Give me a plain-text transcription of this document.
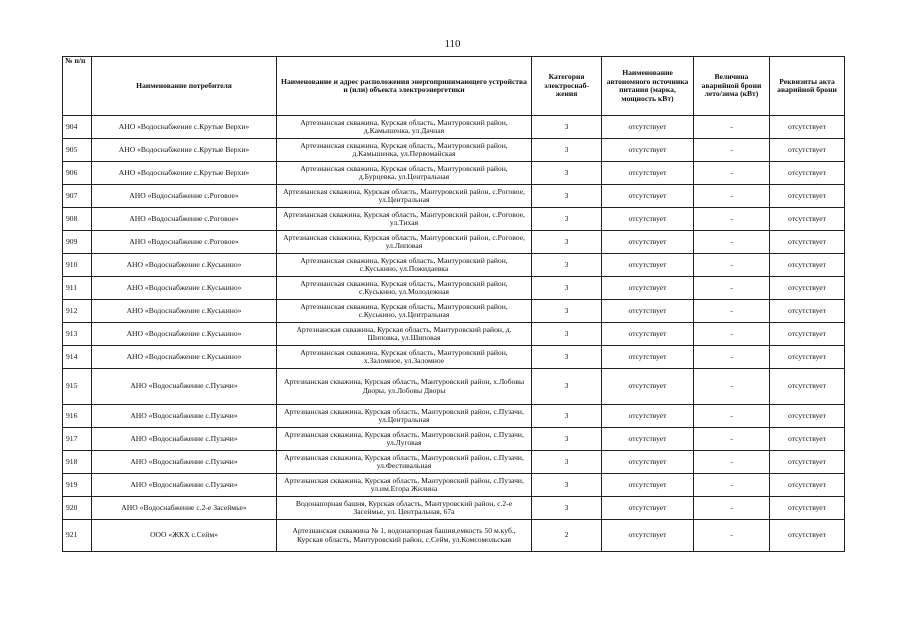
110
№ п/п	Наименование потребителя	Наименование и адрес расположения энергопринимающего устройства и (или) объекта электроэнергетики	Категория электроснаб-жения	Наименование автономного источника питания (марка, мощность кВт)	Величина аварийной брони лето/зима (кВт)	Реквизиты акта аварийной брони
904	АНО «Водоснабжение с.Крутые Верхи»	Артезианская скважина, Курская область, Мантуровский район, д.Камышенка, ул.Дачная	3	отсутствует	-	отсутствует
905	АНО «Водоснабжение с.Крутые Верхи»	Артезианская скважина, Курская область, Мантуровский район, д.Камышенка, ул.Первомайская	3	отсутствует	-	отсутствует
906	АНО «Водоснабжение с.Крутые Верхи»	Артезианская скважина, Курская область, Мантуровский район, д.Бурцевка, ул.Центральная	3	отсутствует	-	отсутствует
907	АНО «Водоснабжение с.Роговое»	Артезианская скважина, Курская область, Мантуровский район, с.Роговое, ул.Центральная	3	отсутствует	-	отсутствует
908	АНО «Водоснабжение с.Роговое»	Артезианская скважина, Курская область, Мантуровский район, с.Роговое, ул.Тихая	3	отсутствует	-	отсутствует
909	АНО «Водоснабжение с.Роговое»	Артезианская скважина, Курская область, Мантуровский район, с.Роговое, ул.Липовая	3	отсутствует	-	отсутствует
910	АНО «Водоснабжение с.Куськино»	Артезианская скважина, Курская область, Мантуровский район, с.Куськино, ул.Пожидаевка	3	отсутствует	-	отсутствует
911	АНО «Водоснабжение с.Куськино»	Артезианская скважина, Курская область, Мантуровский район, с.Куськино, ул.Молодежная	3	отсутствует	-	отсутствует
912	АНО «Водоснабжение с.Куськино»	Артезианская скважина, Курская область, Мантуровский район, с.Куськино, ул.Центральная	3	отсутствует	-	отсутствует
913	АНО «Водоснабжение с.Куськино»	Артезианская скважина, Курская область, Мантуровский район, д. Шиповка, ул.Шиповая	3	отсутствует	-	отсутствует
914	АНО «Водоснабжение с.Куськино»	Артезианская скважина, Курская область, Мантуровский район, х.Заломное, ул.Заломное	3	отсутствует	-	отсутствует
915	АНО «Водоснабжение с.Пузачи»	Артезианская скважина, Курская область, Мантуровский район, х.Лобовы Дворы, ул.Лобовы Дворы	3	отсутствует	-	отсутствует
916	АНО «Водоснабжение с.Пузачи»	Артезианская скважина, Курская область, Мантуровский район, с.Пузачи, ул.Центральная	3	отсутствует	-	отсутствует
917	АНО «Водоснабжение с.Пузачи»	Артезианская скважина, Курская область, Мантуровский район, с.Пузачи, ул.Луговая	3	отсутствует	-	отсутствует
918	АНО «Водоснабжение с.Пузачи»	Артезианская скважина, Курская область, Мантуровский район, с.Пузачи, ул.Фестивальная	3	отсутствует	-	отсутствует
919	АНО «Водоснабжение с.Пузачи»	Артезианская скважина, Курская область, Мантуровский район, с.Пузачи, ул.им.Егора Жилина	3	отсутствует	-	отсутствует
920	АНО «Водоснабжение с.2-е Засеймье»	Водонапорная башня, Курская область, Мантуровский район, с.2-е Засеймье, ул. Центральная, 67а	3	отсутствует	-	отсутствует
921	ООО «ЖКХ с.Сейм»	Артезианская скважина № 1, водонапорная башня,емкость 50 м.куб., Курская область, Мантуровский район, с.Сейм, ул.Комсомольская	2	отсутствует	-	отсутствует
